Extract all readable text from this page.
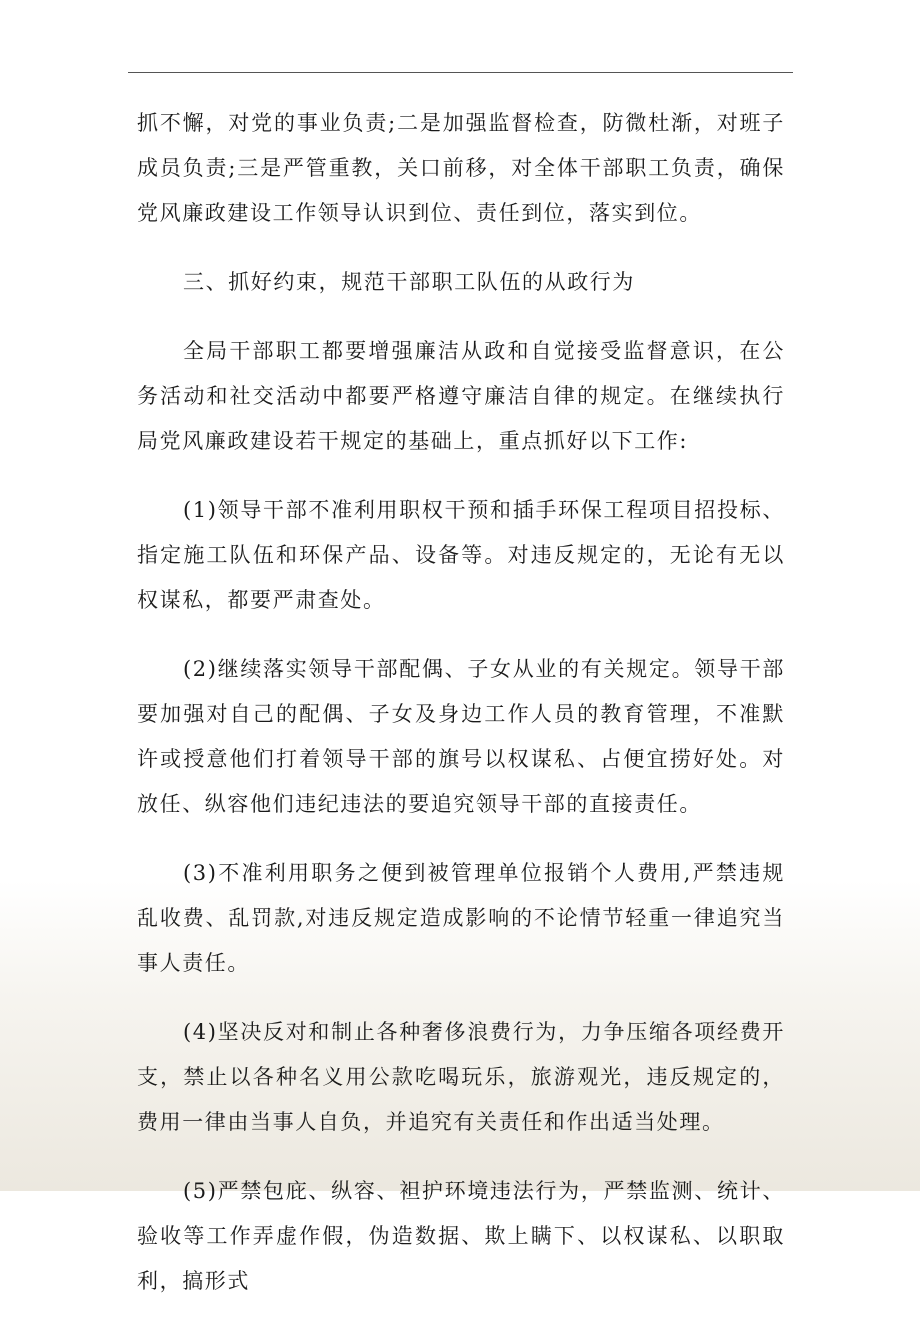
抓不懈，对党的事业负责;二是加强监督检查，防微杜渐，对班子成员负责;三是严管重教，关口前移，对全体干部职工负责，确保党风廉政建设工作领导认识到位、责任到位，落实到位。

三、抓好约束，规范干部职工队伍的从政行为

全局干部职工都要增强廉洁从政和自觉接受监督意识，在公务活动和社交活动中都要严格遵守廉洁自律的规定。在继续执行局党风廉政建设若干规定的基础上，重点抓好以下工作:

(1)领导干部不准利用职权干预和插手环保工程项目招投标、指定施工队伍和环保产品、设备等。对违反规定的，无论有无以权谋私，都要严肃查处。

(2)继续落实领导干部配偶、子女从业的有关规定。领导干部要加强对自己的配偶、子女及身边工作人员的教育管理，不准默许或授意他们打着领导干部的旗号以权谋私、占便宜捞好处。对放任、纵容他们违纪违法的要追究领导干部的直接责任。

(3)不准利用职务之便到被管理单位报销个人费用,严禁违规乱收费、乱罚款,对违反规定造成影响的不论情节轻重一律追究当事人责任。

(4)坚决反对和制止各种奢侈浪费行为，力争压缩各项经费开支，禁止以各种名义用公款吃喝玩乐，旅游观光，违反规定的，费用一律由当事人自负，并追究有关责任和作出适当处理。

(5)严禁包庇、纵容、袒护环境违法行为，严禁监测、统计、验收等工作弄虚作假，伪造数据、欺上瞒下、以权谋私、以职取利，搞形式
